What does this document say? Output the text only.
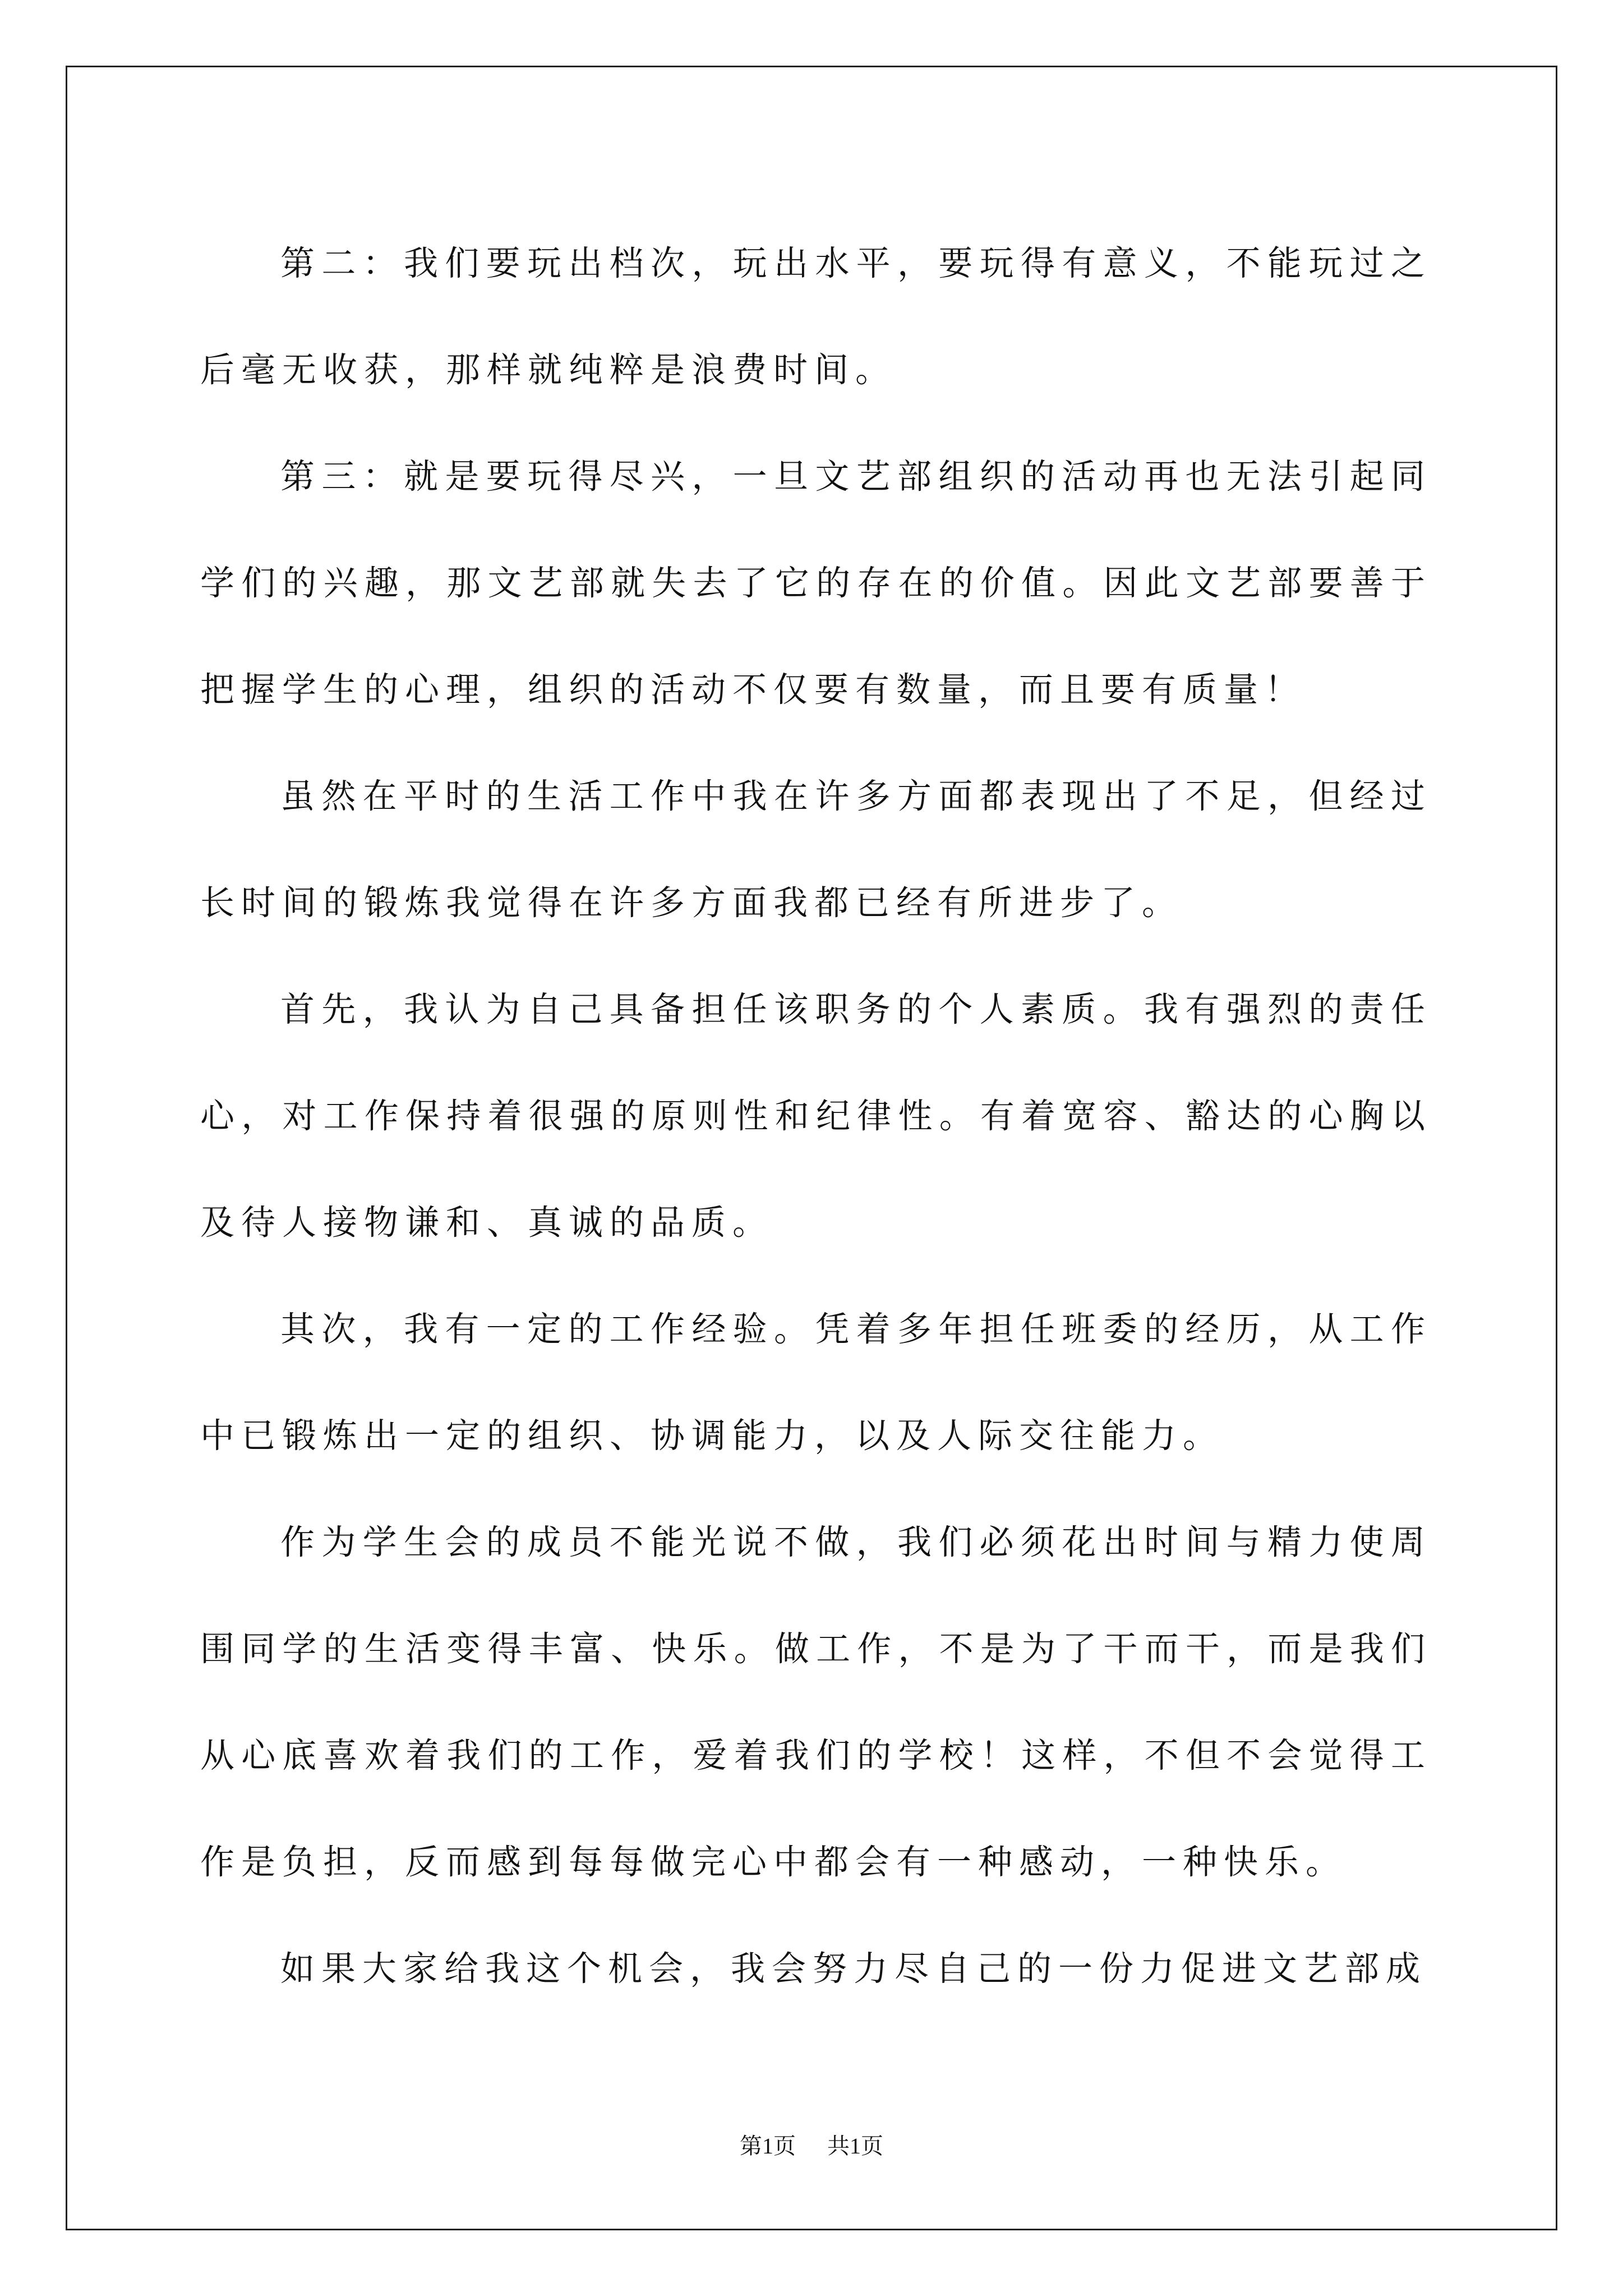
第二：我们要玩出档次，玩出水平，要玩得有意义，不能玩过之后毫无收获，那样就纯粹是浪费时间。

第三：就是要玩得尽兴，一旦文艺部组织的活动再也无法引起同学们的兴趣，那文艺部就失去了它的存在的价值。因此文艺部要善于把握学生的心理，组织的活动不仅要有数量，而且要有质量！

虽然在平时的生活工作中我在许多方面都表现出了不足，但经过长时间的锻炼我觉得在许多方面我都已经有所进步了。

首先，我认为自己具备担任该职务的个人素质。我有强烈的责任心，对工作保持着很强的原则性和纪律性。有着宽容、豁达的心胸以及待人接物谦和、真诚的品质。

其次，我有一定的工作经验。凭着多年担任班委的经历，从工作中已锻炼出一定的组织、协调能力，以及人际交往能力。

作为学生会的成员不能光说不做，我们必须花出时间与精力使周围同学的生活变得丰富、快乐。做工作，不是为了干而干，而是我们从心底喜欢着我们的工作，爱着我们的学校！这样，不但不会觉得工作是负担，反而感到每每做完心中都会有一种感动，一种快乐。

如果大家给我这个机会，我会努力尽自己的一份力促进文艺部成

第1页 共1页
